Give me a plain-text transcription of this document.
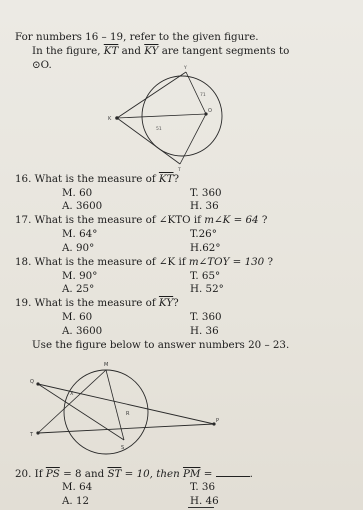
For numbers 16 – 19, refer to the given figure.
In the figure, $\overline{KT}$ and $\overline{KY}$ are tangent segments to
⊙O.	Y
K
O
T
71
51
16. What is the measure of $\overline{KT}$?
M. 60	T. 360
A. 3600	H. 36
17. What is the measure of ∠KTO if m∠K = 64 ?
M. 64°	T.26°
A. 90°	H.62°
18. What is the measure of ∠K if m∠TOY = 130 ?
M. 90°	T. 65°
A. 25°	H. 52°
19. What is the measure of $\overline{KY}$?
M. 60	T. 360
A. 3600	H. 36
Use the figure below to answer numbers 20 – 23.
M
Q
X
R
P
T
S
20. If $\overline{PS} = 8$ and $\overline{ST} = 10$, then $\overline{PM}$ =	.
M. 64	T. 36
A. 12	H. 46
